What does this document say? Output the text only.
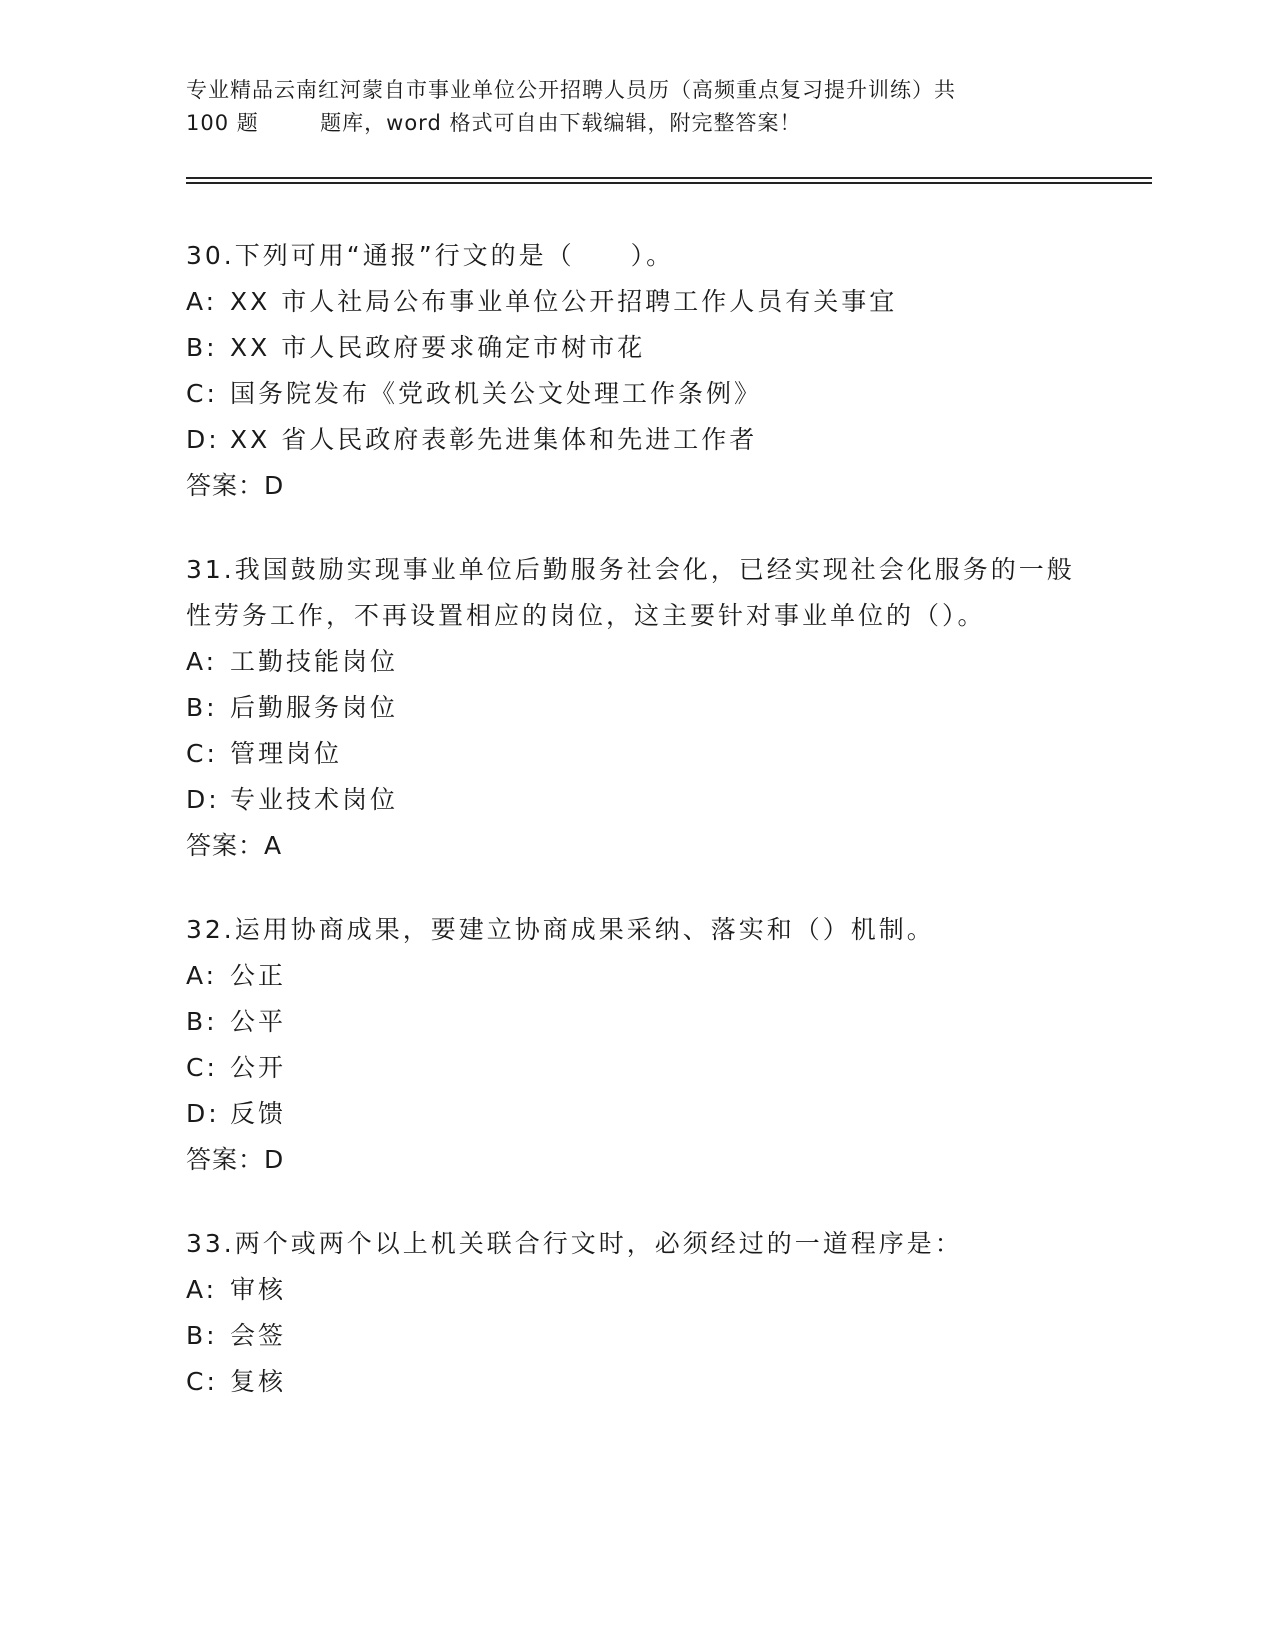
专业精品云南红河蒙自市事业单位公开招聘人员历（高频重点复习提升训练）共
100 题        题库，word 格式可自由下载编辑，附完整答案！
30.下列可用“通报”行文的是（　　）。
A: XX 市人社局公布事业单位公开招聘工作人员有关事宜
B: XX 市人民政府要求确定市树市花
C: 国务院发布《党政机关公文处理工作条例》
D: XX 省人民政府表彰先进集体和先进工作者
答案：D
31.我国鼓励实现事业单位后勤服务社会化，已经实现社会化服务的一般性劳务工作，不再设置相应的岗位，这主要针对事业单位的（）。
A: 工勤技能岗位
B: 后勤服务岗位
C: 管理岗位
D: 专业技术岗位
答案：A
32.运用协商成果，要建立协商成果采纳、落实和（）机制。
A: 公正
B: 公平
C: 公开
D: 反馈
答案：D
33.两个或两个以上机关联合行文时，必须经过的一道程序是：
A: 审核
B: 会签
C: 复核
